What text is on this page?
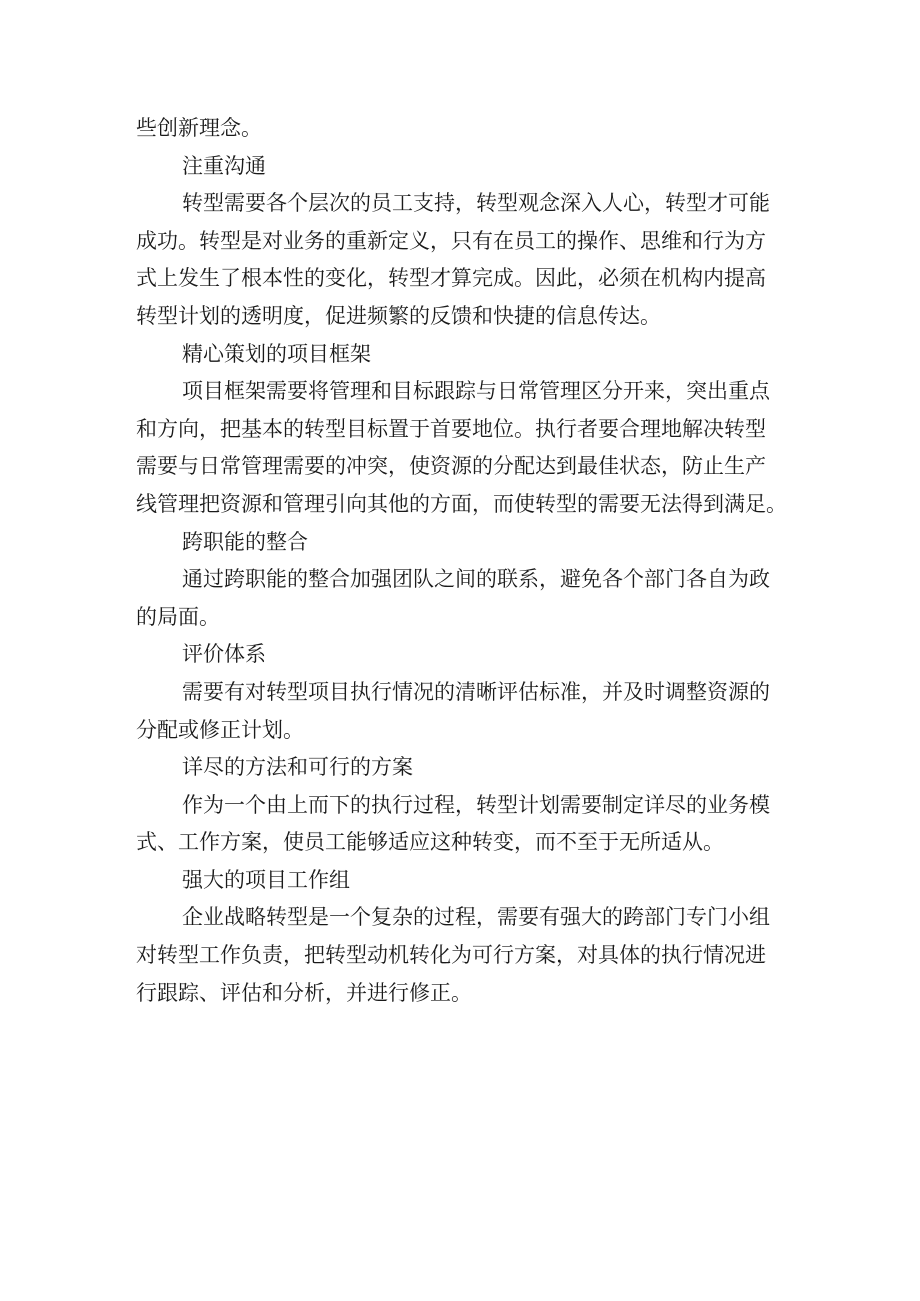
些创新理念。
注重沟通
转型需要各个层次的员工支持，转型观念深入人心，转型才可能
成功。转型是对业务的重新定义，只有在员工的操作、思维和行为方
式上发生了根本性的变化，转型才算完成。因此，必须在机构内提高
转型计划的透明度，促进频繁的反馈和快捷的信息传达。
精心策划的项目框架
项目框架需要将管理和目标跟踪与日常管理区分开来，突出重点
和方向，把基本的转型目标置于首要地位。执行者要合理地解决转型
需要与日常管理需要的冲突，使资源的分配达到最佳状态，防止生产
线管理把资源和管理引向其他的方面，而使转型的需要无法得到满足。
跨职能的整合
通过跨职能的整合加强团队之间的联系，避免各个部门各自为政
的局面。
评价体系
需要有对转型项目执行情况的清晰评估标准，并及时调整资源的
分配或修正计划。
详尽的方法和可行的方案
作为一个由上而下的执行过程，转型计划需要制定详尽的业务模
式、工作方案，使员工能够适应这种转变，而不至于无所适从。
强大的项目工作组
企业战略转型是一个复杂的过程，需要有强大的跨部门专门小组
对转型工作负责，把转型动机转化为可行方案，对具体的执行情况进
行跟踪、评估和分析，并进行修正。
